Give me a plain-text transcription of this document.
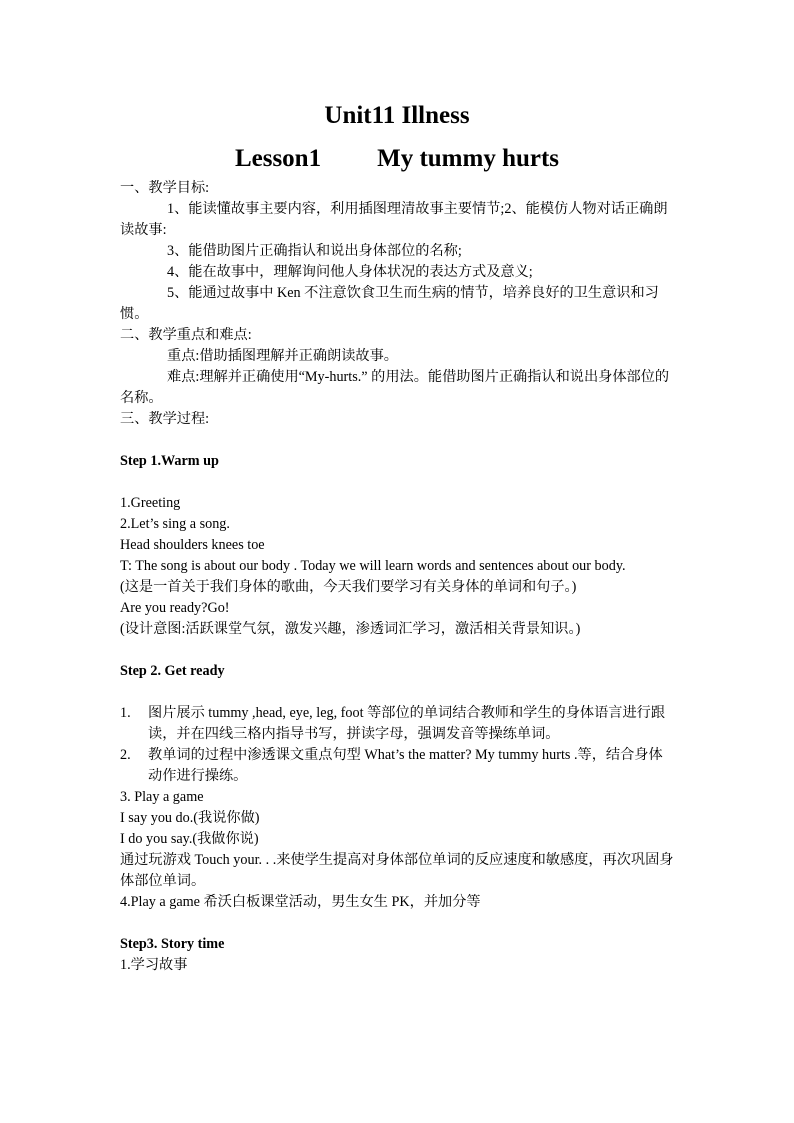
Unit11 Illness
Lesson1 My tummy hurts

一、教学目标:

1、能读懂故事主要内容，利用插图理清故事主要情节;2、能模仿人物对话正确朗读故事:

3、能借助图片正确指认和说出身体部位的名称;

4、能在故事中，理解询问他人身体状况的表达方式及意义;

5、能通过故事中 Ken 不注意饮食卫生而生病的情节，培养良好的卫生意识和习惯。

二、教学重点和难点:

重点:借助插图理解并正确朗读故事。

难点:理解并正确使用“My-hurts.” 的用法。能借助图片正确指认和说出身体部位的名称。

三、教学过程:

Step 1.Warm up

1.Greeting

2.Let’s sing a song.

Head shoulders knees toe

T: The song is about our body . Today we will learn words and sentences about our body.

(这是一首关于我们身体的歌曲，今天我们要学习有关身体的单词和句子。)

Are you ready?Go!

(设计意图:活跃课堂气氛，激发兴趣，渗透词汇学习，激活相关背景知识。)

Step 2. Get ready

1.	图片展示 tummy ,head, eye, leg, foot 等部位的单词结合教师和学生的身体语言进行跟读，并在四线三格内指导书写，拼读字母，强调发音等操练单词。
2.	教单词的过程中渗透课文重点句型 What’s the matter? My tummy hurts .等，结合身体动作进行操练。

3. Play a game

I say you do.(我说你做)

I do you say.(我做你说)

通过玩游戏 Touch your. . .来使学生提高对身体部位单词的反应速度和敏感度，再次巩固身体部位单词。

4.Play a game 希沃白板课堂活动，男生女生 PK，并加分等

Step3. Story time

1.学习故事
